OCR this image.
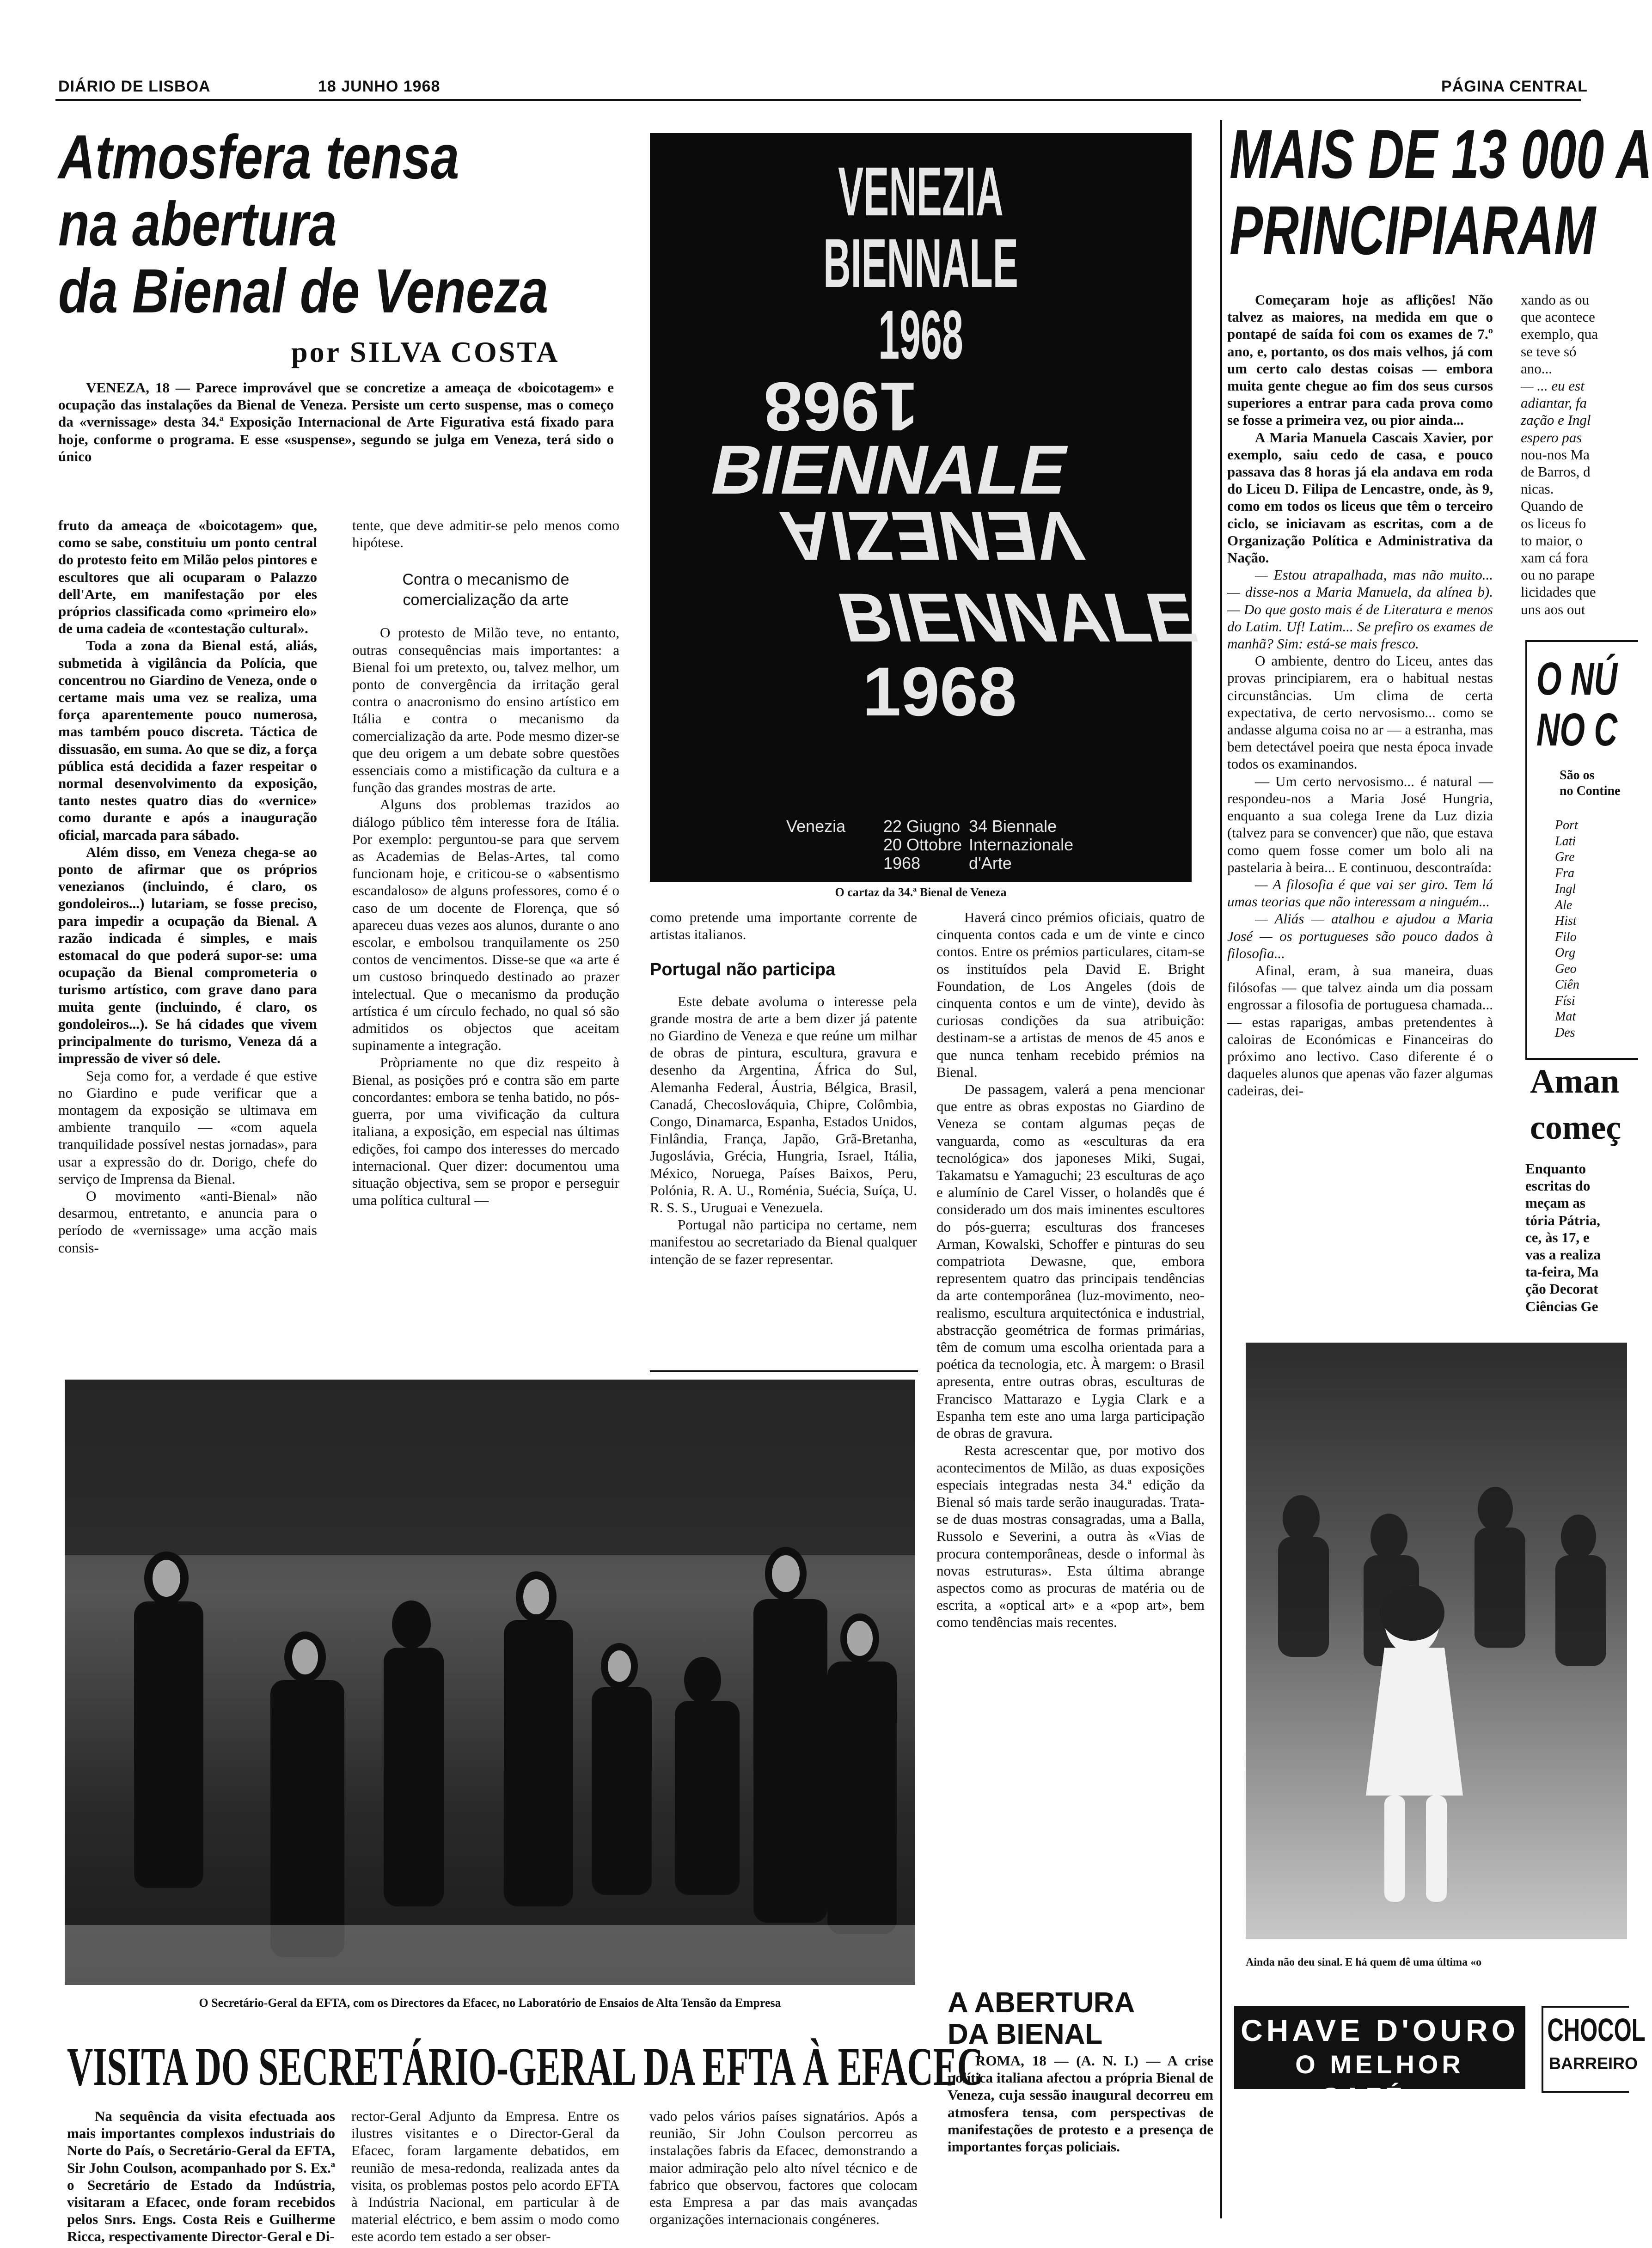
DIÁRIO DE LISBOA	18 JUNHO 1968	PÁGINA CENTRAL
Atmosfera tensa
na abertura
da Bienal de Veneza
por SILVA COSTA

VENEZA, 18 — Parece improvável que se concretize a ameaça de «boicotagem» e ocupação das instalações da Bienal de Veneza. Persiste um certo suspense, mas o começo da «vernissage» desta 34.ª Exposição Internacional de Arte Figurativa está fixado para hoje, conforme o programa. E esse «suspense», segundo se julga em Veneza, terá sido o único

fruto da ameaça de «boicotagem» que, como se sabe, constituiu um ponto central do protesto feito em Milão pelos pintores e escultores que ali ocuparam o Palazzo dell'Arte, em manifestação por eles próprios classificada como «primeiro elo» de uma cadeia de «contestação cultural».

Toda a zona da Bienal está, aliás, submetida à vigilância da Polícia, que concentrou no Giardino de Veneza, onde o certame mais uma vez se realiza, uma força aparentemente pouco numerosa, mas também pouco discreta. Táctica de dissuasão, em suma. Ao que se diz, a força pública está decidida a fazer respeitar o normal desenvolvimento da exposição, tanto nestes quatro dias do «vernice» como durante e após a inauguração oficial, marcada para sábado.

Além disso, em Veneza chega-se ao ponto de afirmar que os próprios venezianos (incluindo, é claro, os gondoleiros...) lutariam, se fosse preciso, para impedir a ocupação da Bienal. A razão indicada é simples, e mais estomacal do que poderá supor-se: uma ocupação da Bienal comprometeria o turismo artístico, com grave dano para muita gente (incluindo, é claro, os gondoleiros...). Se há cidades que vivem principalmente do turismo, Veneza dá a impressão de viver só dele.

Seja como for, a verdade é que estive no Giardino e pude verificar que a montagem da exposição se ultimava em ambiente tranquilo — «com aquela tranquilidade possível nestas jornadas», para usar a expressão do dr. Dorigo, chefe do serviço de Imprensa da Bienal.

O movimento «anti-Bienal» não desarmou, entretanto, e anuncia para o período de «vernissage» uma acção mais consis-

tente, que deve admitir-se pelo menos como hipótese.

Contra o mecanismo de comercialização da arte

O protesto de Milão teve, no entanto, outras consequências mais importantes: a Bienal foi um pretexto, ou, talvez melhor, um ponto de convergência da irritação geral contra o anacronismo do ensino artístico em Itália e contra o mecanismo da comercialização da arte. Pode mesmo dizer-se que deu origem a um debate sobre questões essenciais como a mistificação da cultura e a função das grandes mostras de arte.

Alguns dos problemas trazidos ao diálogo público têm interesse fora de Itália. Por exemplo: perguntou-se para que servem as Academias de Belas-Artes, tal como funcionam hoje, e criticou-se o «absentismo escandaloso» de alguns professores, como é o caso de um docente de Florença, que só apareceu duas vezes aos alunos, durante o ano escolar, e embolsou tranquilamente os 250 contos de vencimentos. Disse-se que «a arte é um custoso brinquedo destinado ao prazer intelectual. Que o mecanismo da produção artística é um círculo fechado, no qual só são admitidos os objectos que aceitam supinamente a integração.

Pròpriamente no que diz respeito à Bienal, as posições pró e contra são em parte concordantes: embora se tenha batido, no pós-guerra, por uma vivificação da cultura italiana, a exposição, em especial nas últimas edições, foi campo dos interesses do mercado internacional. Quer dizer: documentou uma situação objectiva, sem se propor e perseguir uma política cultural —

VENEZIA
BIENNALE
1968
1968
BIENNALE
VENEZIA
BIENNALE
1968
Venezia 22 Giugno
20 Ottobre
1968
34 Biennale
Internazionale
d'Arte
O cartaz da 34.ª Bienal de Veneza

como pretende uma importante corrente de artistas italianos.

Portugal não participa

Este debate avoluma o interesse pela grande mostra de arte a bem dizer já patente no Giardino de Veneza e que reúne um milhar de obras de pintura, escultura, gravura e desenho da Argentina, África do Sul, Alemanha Federal, Áustria, Bélgica, Brasil, Canadá, Checoslováquia, Chipre, Colômbia, Congo, Dinamarca, Espanha, Estados Unidos, Finlândia, França, Japão, Grã-Bretanha, Jugoslávia, Grécia, Hungria, Israel, Itália, México, Noruega, Países Baixos, Peru, Polónia, R. A. U., Roménia, Suécia, Suíça, U. R. S. S., Uruguai e Venezuela.

Portugal não participa no certame, nem manifestou ao secretariado da Bienal qualquer intenção de se fazer representar.

Haverá cinco prémios oficiais, quatro de cinquenta contos cada e um de vinte e cinco contos. Entre os prémios particulares, citam-se os instituídos pela David E. Bright Foundation, de Los Angeles (dois de cinquenta contos e um de vinte), devido às curiosas condições da sua atribuição: destinam-se a artistas de menos de 45 anos e que nunca tenham recebido prémios na Bienal.

De passagem, valerá a pena mencionar que entre as obras expostas no Giardino de Veneza se contam algumas peças de vanguarda, como as «esculturas da era tecnológica» dos japoneses Miki, Sugai, Takamatsu e Yamaguchi; 23 esculturas de aço e alumínio de Carel Visser, o holandês que é considerado um dos mais iminentes escultores do pós-guerra; esculturas dos franceses Arman, Kowalski, Schoffer e pinturas do seu compatriota Dewasne, que, embora representem quatro das principais tendências da arte contemporânea (luz-movimento, neo-realismo, escultura arquitectónica e industrial, abstracção geométrica de formas primárias, têm de comum uma escolha orientada para a poética da tecnologia, etc. À margem: o Brasil apresenta, entre outras obras, esculturas de Francisco Mattarazo e Lygia Clark e a Espanha tem este ano uma larga participação de obras de gravura.

Resta acrescentar que, por motivo dos acontecimentos de Milão, as duas exposições especiais integradas nesta 34.ª edição da Bienal só mais tarde serão inauguradas. Trata-se de duas mostras consagradas, uma a Balla, Russolo e Severini, a outra às «Vias de procura contemporâneas, desde o informal às novas estruturas». Esta última abrange aspectos como as procuras de matéria ou de escrita, a «optical art» e a «pop art», bem como tendências mais recentes.

O Secretário-Geral da EFTA, com os Directores da Efacec, no Laboratório de Ensaios de Alta Tensão da Empresa
VISITA DO SECRETÁRIO-GERAL DA EFTA À EFACEC

Na sequência da visita efectuada aos mais importantes complexos industriais do Norte do País, o Secretário-Geral da EFTA, Sir John Coulson, acompanhado por S. Ex.ª o Secretário de Estado da Indústria, visitaram a Efacec, onde foram recebidos pelos Snrs. Engs. Costa Reis e Guilherme Ricca, respectivamente Director-Geral e Di-

rector-Geral Adjunto da Empresa. Entre os ilustres visitantes e o Director-Geral da Efacec, foram largamente debatidos, em reunião de mesa-redonda, realizada antes da visita, os problemas postos pelo acordo EFTA à Indústria Nacional, em particular à de material eléctrico, e bem assim o modo como este acordo tem estado a ser obser-

vado pelos vários países signatários. Após a reunião, Sir John Coulson percorreu as instalações fabris da Efacec, demonstrando a maior admiração pelo alto nível técnico e de fabrico que observou, factores que colocam esta Empresa a par das mais avançadas organizações internacionais congéneres.

A ABERTURA
DA BIENAL

ROMA, 18 — (A. N. I.) — A crise política italiana afectou a própria Bienal de Veneza, cuja sessão inaugural decorreu em atmosfera tensa, com perspectivas de manifestações de protesto e a presença de importantes forças policiais.

MAIS DE 13 000 A
PRINCIPIARAM

Começaram hoje as aflições! Não talvez as maiores, na medida em que o pontapé de saída foi com os exames de 7.º ano, e, portanto, os dos mais velhos, já com um certo calo destas coisas — embora muita gente chegue ao fim dos seus cursos superiores a entrar para cada prova como se fosse a primeira vez, ou pior ainda...

A Maria Manuela Cascais Xavier, por exemplo, saiu cedo de casa, e pouco passava das 8 horas já ela andava em roda do Liceu D. Filipa de Lencastre, onde, às 9, como em todos os liceus que têm o terceiro ciclo, se iniciavam as escritas, com a de Organização Política e Administrativa da Nação.

— Estou atrapalhada, mas não muito... — disse-nos a Maria Manuela, da alínea b). — Do que gosto mais é de Literatura e menos do Latim. Uf! Latim... Se prefiro os exames de manhã? Sim: está-se mais fresco.

O ambiente, dentro do Liceu, antes das provas principiarem, era o habitual nestas circunstâncias. Um clima de certa expectativa, de certo nervosismo... como se andasse alguma coisa no ar — a estranha, mas bem detectável poeira que nesta época invade todos os examinandos.

— Um certo nervosismo... é natural — respondeu-nos a Maria José Hungria, enquanto a sua colega Irene da Luz dizia (talvez para se convencer) que não, que estava como quem fosse comer um bolo ali na pastelaria à beira... E continuou, descontraída:

— A filosofia é que vai ser giro. Tem lá umas teorias que não interessam a ninguém...

— Aliás — atalhou e ajudou a Maria José — os portugueses são pouco dados à filosofia...

Afinal, eram, à sua maneira, duas filósofas — que talvez ainda um dia possam engrossar a filosofia de portuguesa chamada... — estas raparigas, ambas pretendentes à caloiras de Económicas e Financeiras do próximo ano lectivo. Caso diferente é o daqueles alunos que apenas vão fazer algumas cadeiras, dei-

xando as ou
que acontece
exemplo, qua
se teve só
ano...
— ... eu est
adiantar, fa
zação e Ingl
espero pas
nou-nos Ma
de Barros, d
nicas.
Quando de
os liceus fo
to maior, o
xam cá fora
ou no parape
licidades que
uns aos out
O NÚ
NO C
São os
no Contine
Port
Lati
Gre
Fra
Ingl
Ale
Hist
Filo
Org
Geo
Ciên
Físi
Mat
Des
Aman
começ
Enquanto
escritas do
meçam as
tória Pátria,
ce, às 17, e
vas a realiza
ta-feira, Ma
ção Decorat
Ciências Ge
Ainda não deu sinal. E há quem dê uma última «o
CHAVE D'OURO
O MELHOR CAFÉ...
CHOCOL
BARREIRO
